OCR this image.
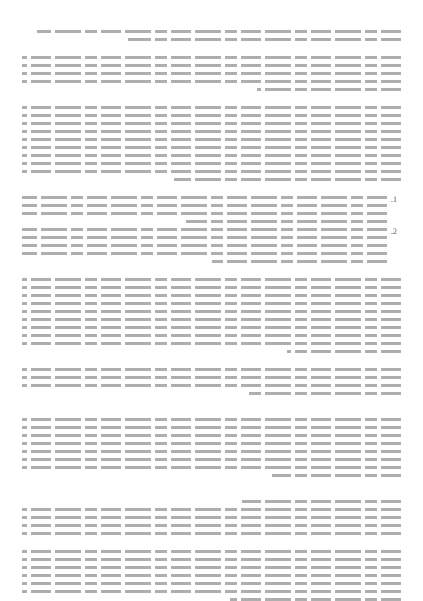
1.
2.
